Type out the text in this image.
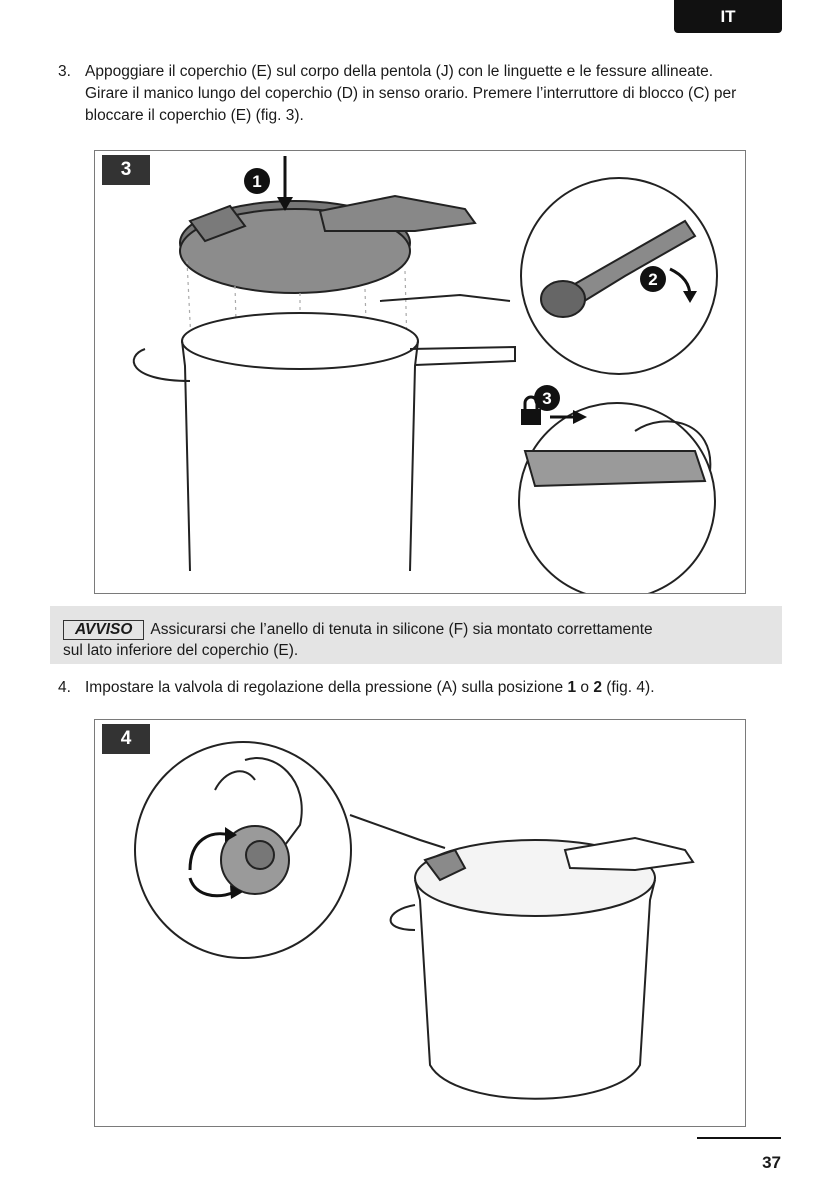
IT
3. Appoggiare il coperchio (E) sul corpo della pentola (J) con le linguette e le fessure allineate. Girare il manico lungo del coperchio (D) in senso orario. Premere l’interruttore di blocco (C) per bloccare il coperchio (E) (fig. 3).
3
1
2
3
AVVISO Assicurarsi che l’anello di tenuta in silicone (F) sia montato correttamente
sul lato inferiore del coperchio (E).
4. Impostare la valvola di regolazione della pressione (A) sulla posizione 1 o 2 (fig. 4).
4
37
